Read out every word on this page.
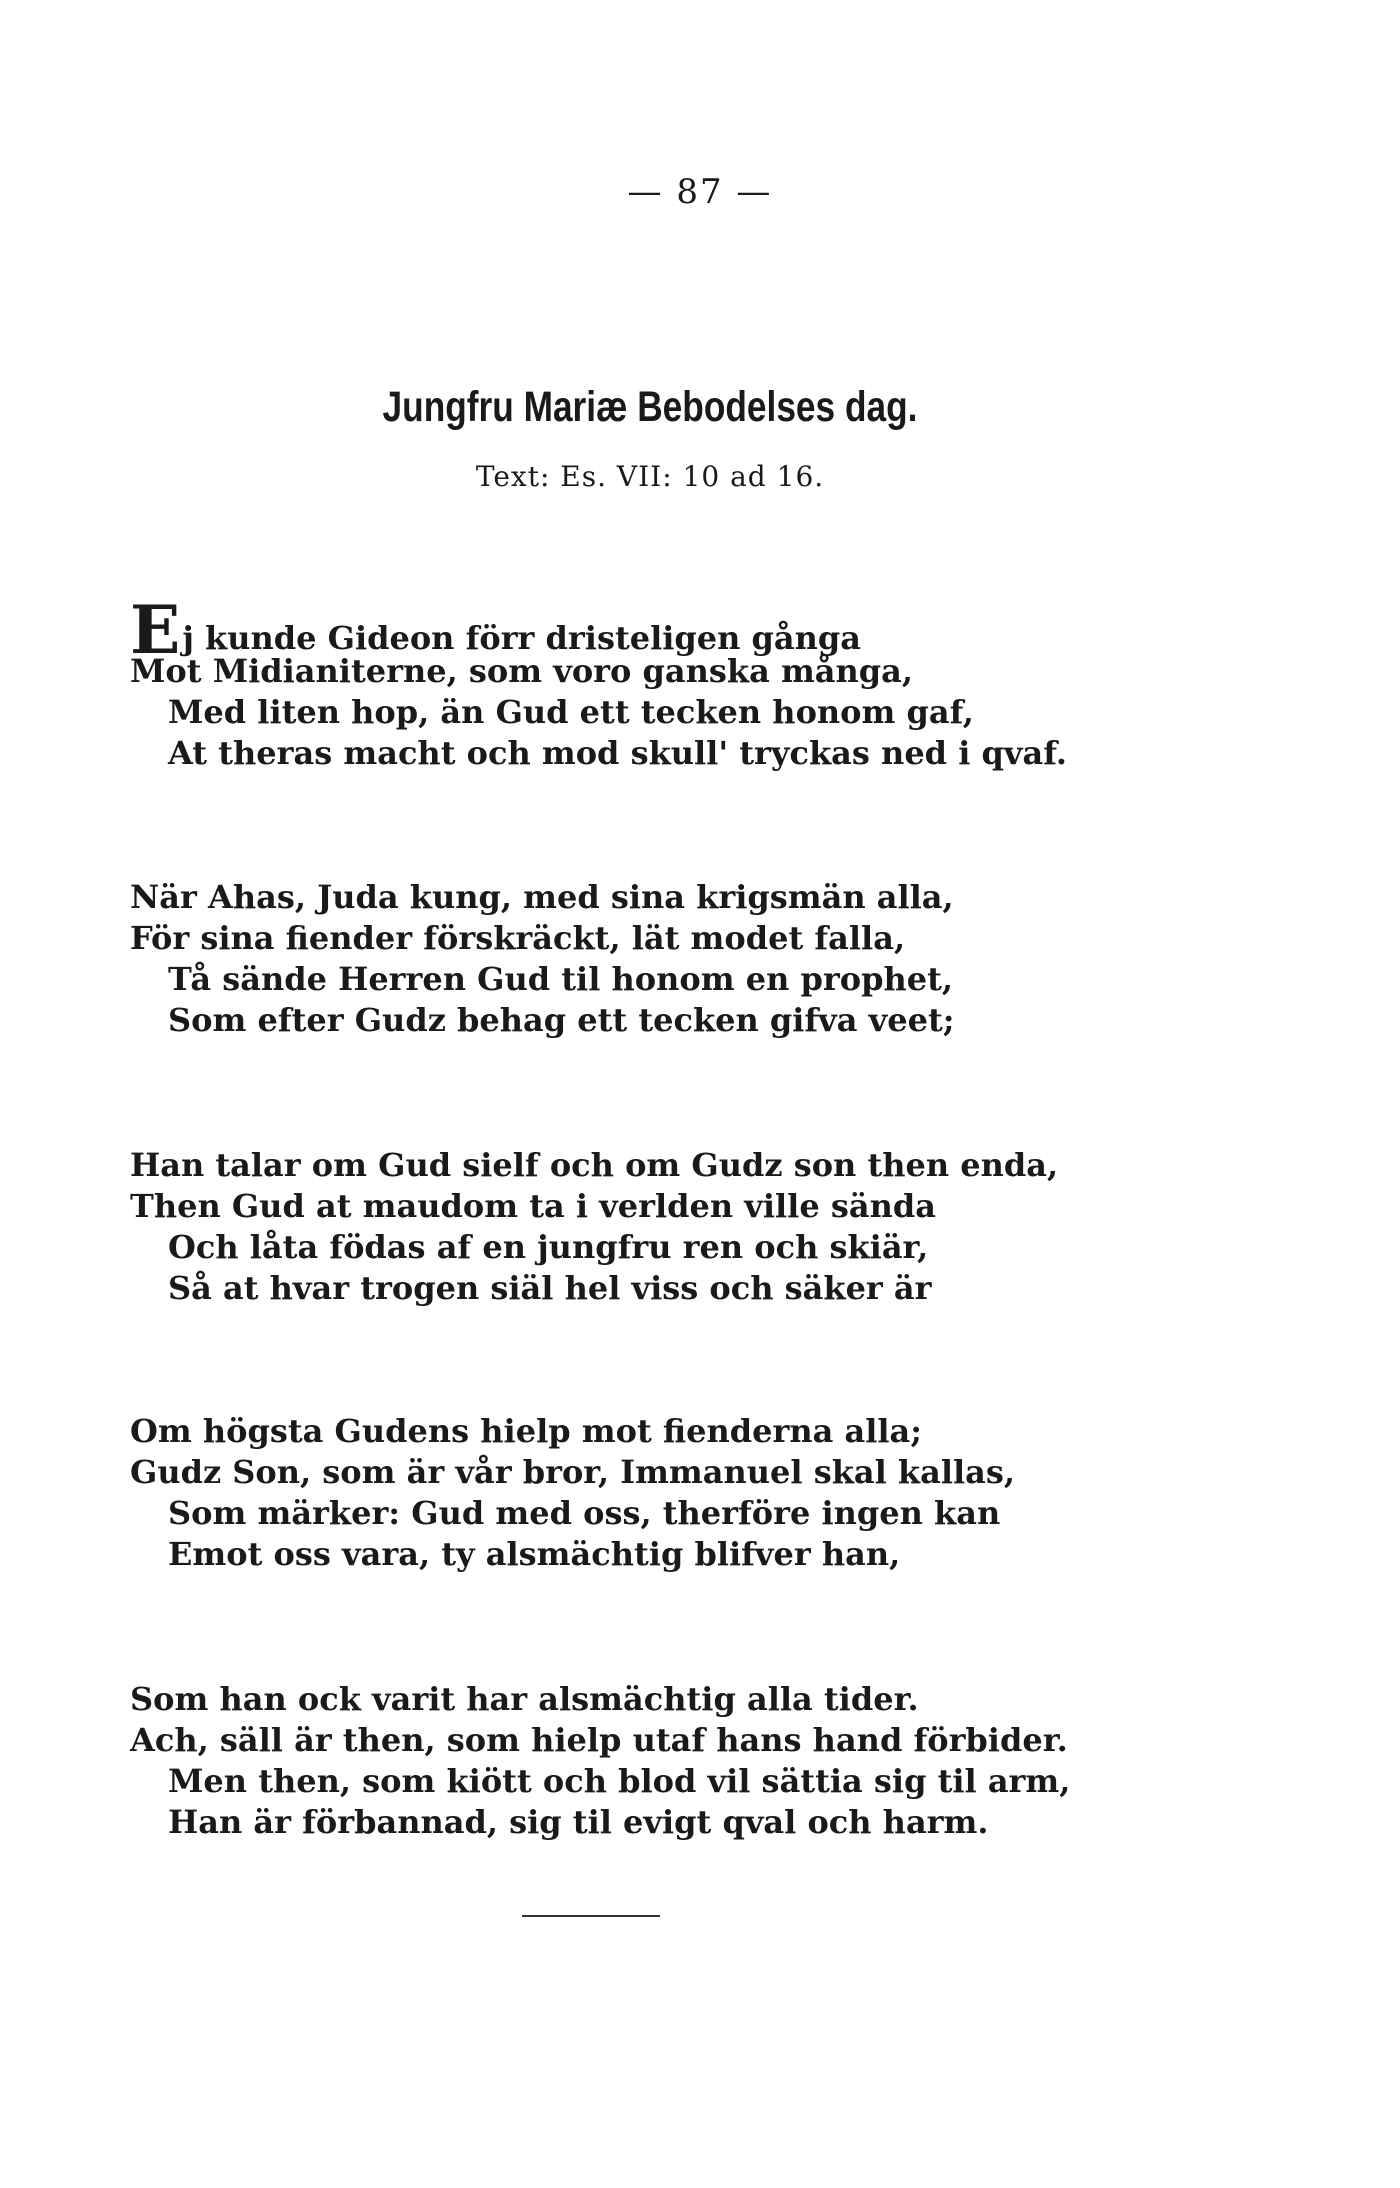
— 87 —
Jungfru Mariæ Bebodelses dag.
Text: Es. VII: 10 ad 16.
Ej kunde Gideon förr dristeligen gånga
Mot Midianiterne, som voro ganska många,
Med liten hop, än Gud ett tecken honom gaf,
At theras macht och mod skull' tryckas ned i qvaf.
När Ahas, Juda kung, med sina krigsmän alla,
För sina fiender förskräckt, lät modet falla,
Tå sände Herren Gud til honom en prophet,
Som efter Gudz behag ett tecken gifva veet;
Han talar om Gud sielf och om Gudz son then enda,
Then Gud at maudom ta i verlden ville sända
Och låta födas af en jungfru ren och skiär,
Så at hvar trogen siäl hel viss och säker är
Om högsta Gudens hielp mot fienderna alla;
Gudz Son, som är vår bror, Immanuel skal kallas,
Som märker: Gud med oss, therföre ingen kan
Emot oss vara, ty alsmächtig blifver han,
Som han ock varit har alsmächtig alla tider.
Ach, säll är then, som hielp utaf hans hand förbider.
Men then, som kiött och blod vil sättia sig til arm,
Han är förbannad, sig til evigt qval och harm.
